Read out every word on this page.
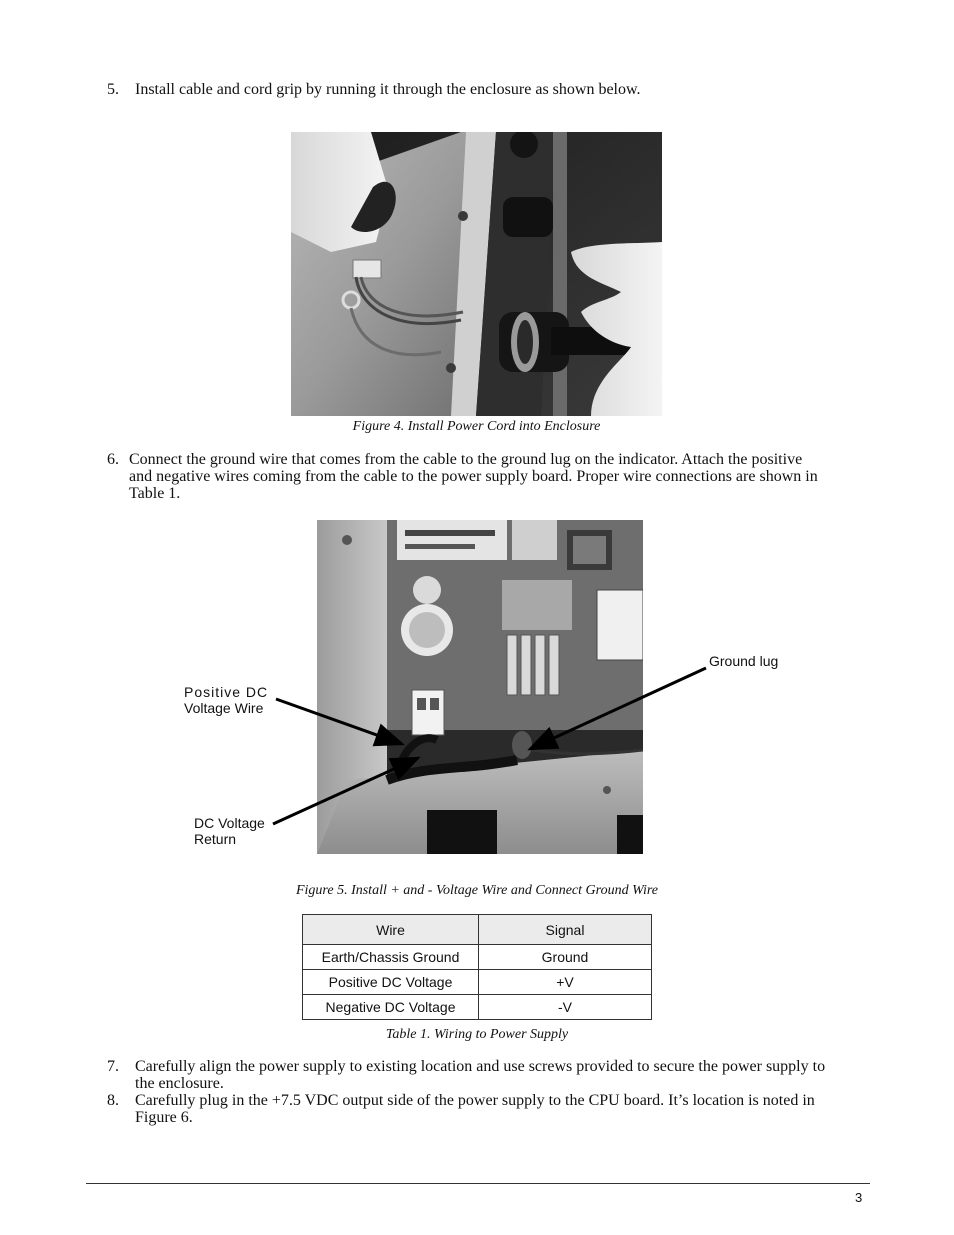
5. Install cable and cord grip by running it through the enclosure as shown below.
Figure 4. Install Power Cord into Enclosure
6. Connect the ground wire that comes from the cable to the ground lug on the indicator. Attach the positive
and negative wires coming from the cable to the power supply board. Proper wire connections are shown in
Table 1.
Positive DC
Voltage Wire
DC Voltage
Return
Ground lug
Figure 5. Install + and - Voltage Wire and Connect Ground Wire
Wire	Signal
Earth/Chassis Ground	Ground
Positive DC Voltage	+V
Negative DC Voltage	-V
Table 1. Wiring to Power Supply
7. Carefully align the power supply to existing location and use screws provided to secure the power supply to
the enclosure.
8. Carefully plug in the +7.5 VDC output side of the power supply to the CPU board. It’s location is noted in
Figure 6.
3
